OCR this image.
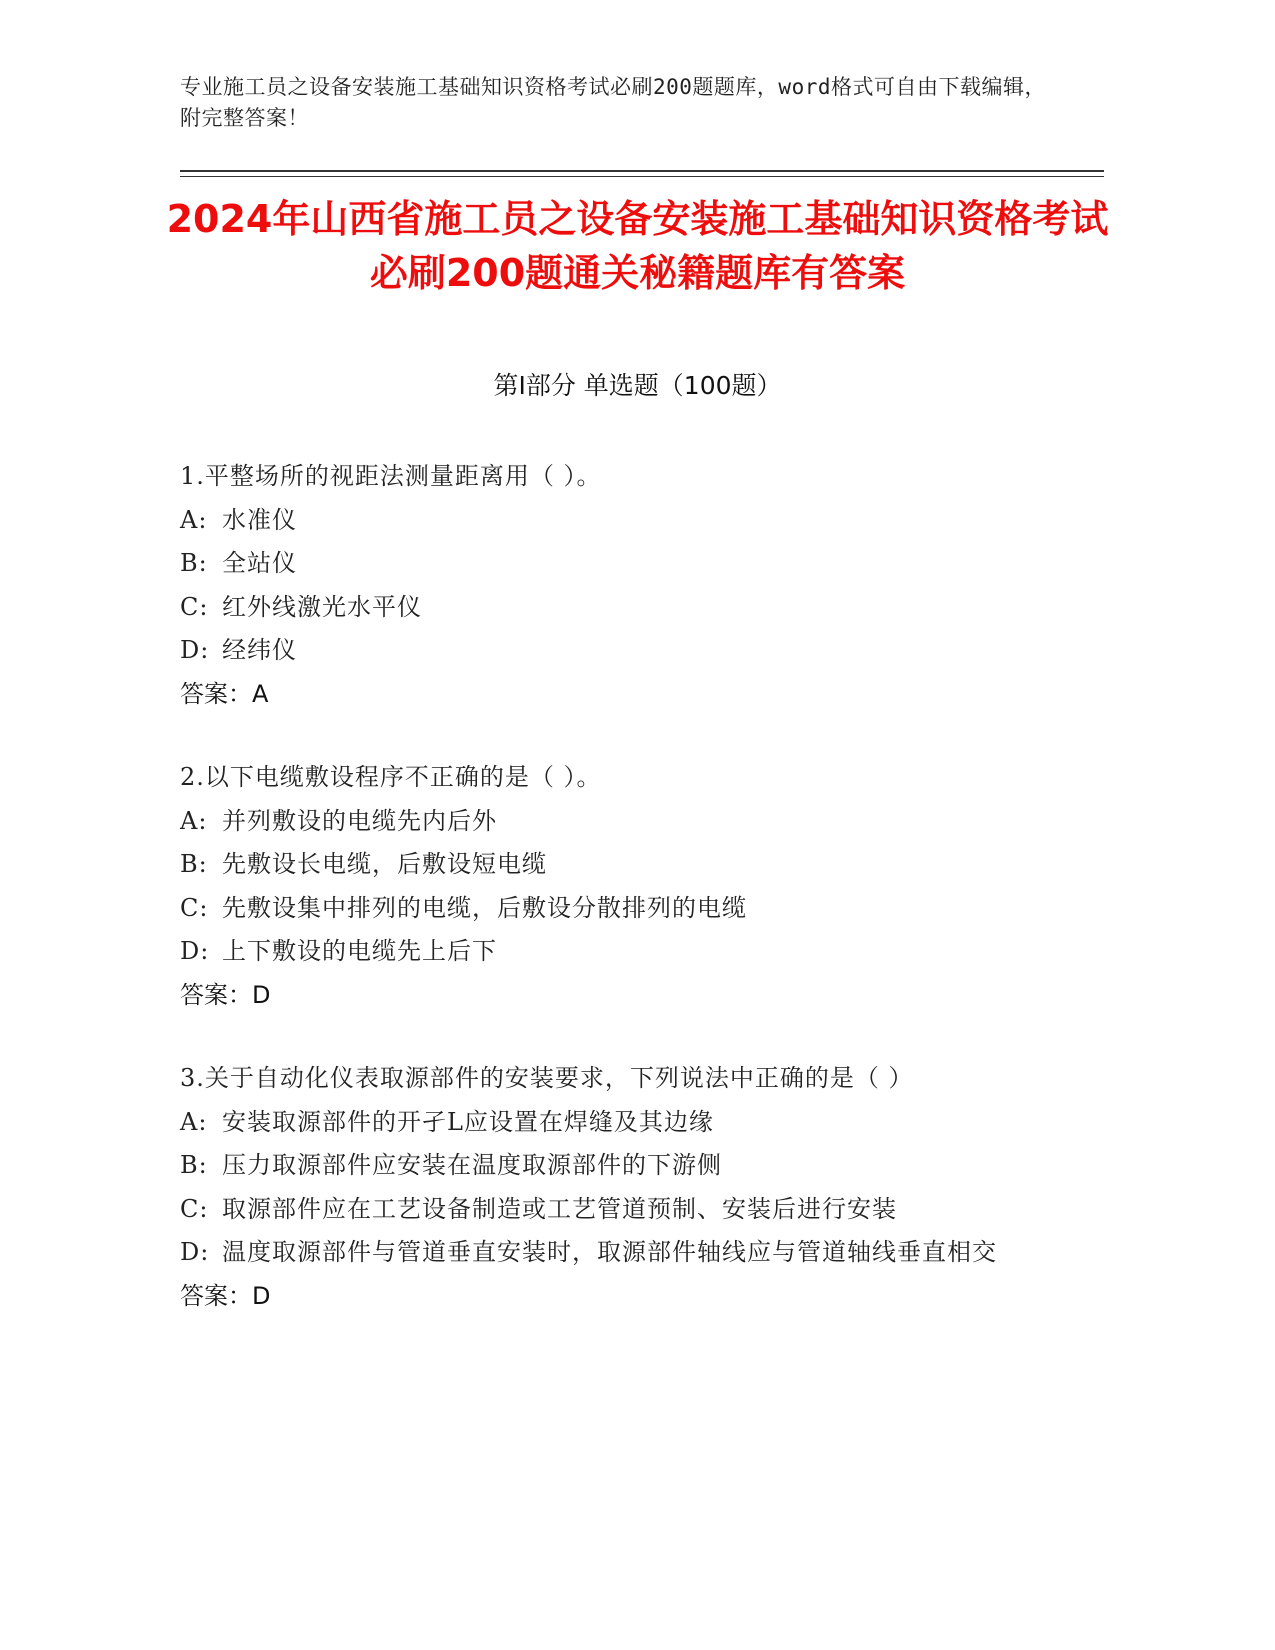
专业施工员之设备安装施工基础知识资格考试必刷200题题库，word格式可自由下载编辑，附完整答案！
2024年山西省施工员之设备安装施工基础知识资格考试必刷200题通关秘籍题库有答案
第Ⅰ部分 单选题（100题）
1.平整场所的视距法测量距离用（ ）。
A: 水准仪
B: 全站仪
C: 红外线激光水平仪
D: 经纬仪
答案：A
2.以下电缆敷设程序不正确的是（ ）。
A: 并列敷设的电缆先内后外
B: 先敷设长电缆，后敷设短电缆
C: 先敷设集中排列的电缆，后敷设分散排列的电缆
D: 上下敷设的电缆先上后下
答案：D
3.关于自动化仪表取源部件的安装要求，下列说法中正确的是（ ）
A: 安装取源部件的开孑L应设置在焊缝及其边缘
B: 压力取源部件应安装在温度取源部件的下游侧
C: 取源部件应在工艺设备制造或工艺管道预制、安装后进行安装
D: 温度取源部件与管道垂直安装时，取源部件轴线应与管道轴线垂直相交
答案：D
